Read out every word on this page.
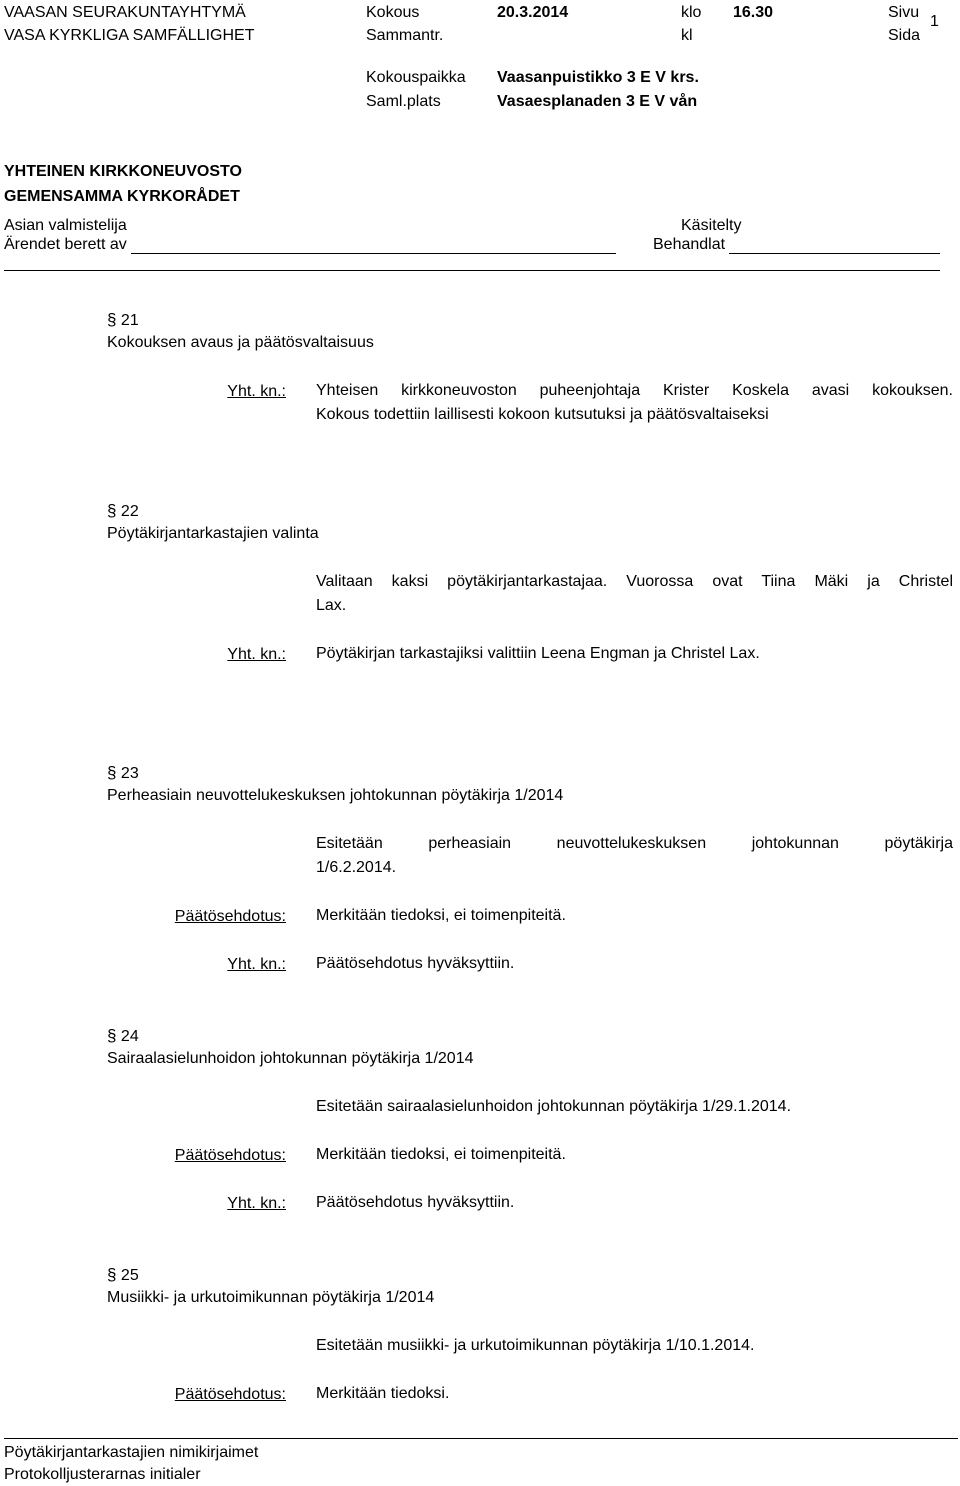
VAASAN SEURAKUNTAYHTYMÄ
VASA KYRKLIGA SAMFÄLLIGHET
Kokous
Sammantr.
20.3.2014	klo
kl
16.30	Sivu
Sida
1
Kokouspaikka
Saml.plats
Vaasanpuistikko 3 E V krs.
Vasaesplanaden 3 E V vån
YHTEINEN KIRKKONEUVOSTO
GEMENSAMMA KYRKORÅDET
Asian valmistelija
Ärendet berett av
Käsitelty
Behandlat
§ 21
Kokouksen avaus ja päätösvaltaisuus
Yht. kn.: Yhteisen kirkkoneuvoston puheenjohtaja Krister Koskela avasi kokouksen.
Kokous todettiin laillisesti kokoon kutsutuksi ja päätösvaltaiseksi
§ 22
Pöytäkirjantarkastajien valinta
Valitaan kaksi pöytäkirjantarkastajaa. Vuorossa ovat Tiina Mäki ja Christel
Lax.
Yht. kn.: Pöytäkirjan tarkastajiksi valittiin Leena Engman ja Christel Lax.
§ 23
Perheasiain neuvottelukeskuksen johtokunnan pöytäkirja 1/2014
Esitetään perheasiain neuvottelukeskuksen johtokunnan pöytäkirja
1/6.2.2014.
Päätösehdotus: Merkitään tiedoksi, ei toimenpiteitä.
Yht. kn.: Päätösehdotus hyväksyttiin.
§ 24
Sairaalasielunhoidon johtokunnan pöytäkirja 1/2014
Esitetään sairaalasielunhoidon johtokunnan pöytäkirja 1/29.1.2014.
Päätösehdotus: Merkitään tiedoksi, ei toimenpiteitä.
Yht. kn.: Päätösehdotus hyväksyttiin.
§ 25
Musiikki- ja urkutoimikunnan pöytäkirja 1/2014
Esitetään musiikki- ja urkutoimikunnan pöytäkirja 1/10.1.2014.
Päätösehdotus: Merkitään tiedoksi.
Pöytäkirjantarkastajien nimikirjaimet
Protokolljusterarnas initialer
